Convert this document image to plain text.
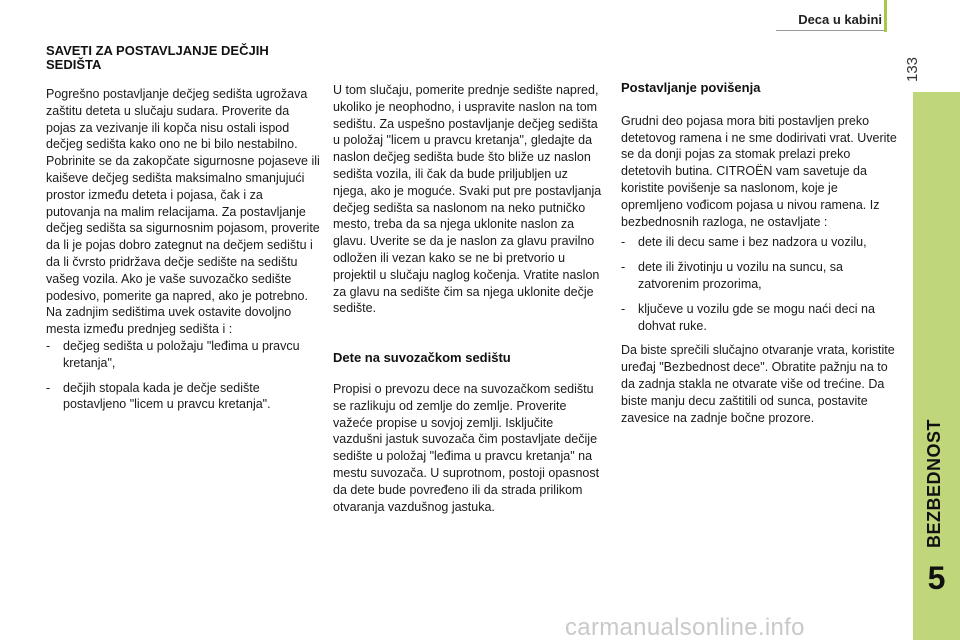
Deca u kabini
133
BEZBEDNOST
5
SAVETI ZA POSTAVLJANJE DEČJIH SEDIŠTA

Pogrešno postavljanje dečjeg sedišta ugrožava zaštitu deteta u slučaju sudara. Proverite da pojas za vezivanje ili kopča nisu ostali ispod dečjeg sedišta kako ono ne bi bilo nestabilno. Pobrinite se da zakopčate sigurnosne pojaseve ili kaiševe dečjeg sedišta maksimalno smanjujući prostor između deteta i pojasa, čak i za putovanja na malim relacijama. Za postavljanje dečjeg sedišta sa sigurnosnim pojasom, proverite da li je pojas dobro zategnut na dečjem sedištu i da li čvrsto pridržava dečje sedište na sedištu vašeg vozila. Ako je vaše suvozačko sedište podesivo, pomerite ga napred, ako je potrebno. Na zadnjim sedištima uvek ostavite dovoljno mesta između prednjeg sedišta i :

-	dečjeg sedišta u položaju "leđima u pravcu kretanja",
-	dečjih stopala kada je dečje sedište postavljeno "licem u pravcu kretanja".

U tom slučaju, pomerite prednje sedište napred, ukoliko je neophodno, i uspravite naslon na tom sedištu. Za uspešno postavljanje dečjeg sedišta u položaj "licem u pravcu kretanja", gledajte da naslon dečjeg sedišta bude što bliže uz naslon sedišta vozila, ili čak da bude priljubljen uz njega, ako je moguće. Svaki put pre postavljanja dečjeg sedištа sa naslonom na neko putničko mesto, treba da sa njega uklonite naslon za glavu. Uverite se da je naslon za glavu pravilno odložen ili vezan kako se ne bi pretvorio u projektil u slučaju naglog kočenja. Vratite naslon za glavu na sedište čim sa njega uklonite dečje sedište.

Dete na suvozačkom sedištu

Propisi o prevozu dece na suvozačkom sedištu se razlikuju od zemlje do zemlje. Proverite važeće propise u sovjoj zemlji. Isključite vazdušni jastuk suvozača čim postavljate dečije sedište u položaj "leđima u pravcu kretanja" na mestu suvozača. U suprotnom, postoji opasnost da dete bude povređeno ili da strada prilikom otvaranja vazdušnog jastuka.

Postavljanje povišenja

Grudni deo pojasa mora biti postavljen preko detetovog ramena i ne sme dodirivati vrat. Uverite se da donji pojas za stomak prelazi preko detetovih butina. CITROËN vam savetuje da koristite povišenje sa naslonom, koje je opremljeno vođicom pojasa u nivou ramena. Iz bezbednosnih razloga, ne ostavljate :

-	dete ili decu same i bez nadzora u vozilu,
-	dete ili životinju u vozilu na suncu, sa zatvorenim prozorima,
-	ključeve u vozilu gde se mogu naći deci na dohvat ruke.

Da biste sprečili slučajno otvaranje vrata, koristite uređaj "Bezbednost dece". Obratite pažnju na to da zadnja stakla ne otvarate više od trećine. Da biste manju decu zaštitili od sunca, postavite zavesice na zadnje bočne prozore.

carmanualsonline.info
